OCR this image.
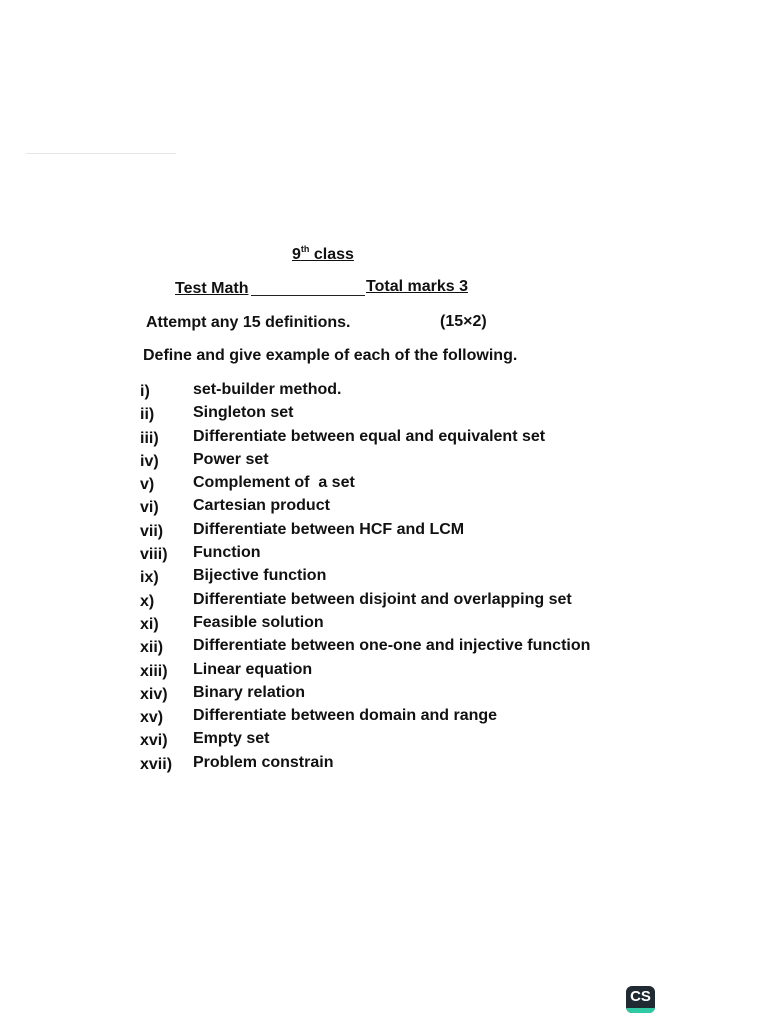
9th class
Test Math	Total marks 3
Attempt any 15 definitions.	(15×2)
Define and give example of each of the following.
i)	set-builder method.
ii) Singleton set
iii) Differentiate between equal and equivalent set
iv) Power set
v) Complement of  a set
vi) Cartesian product
vii) Differentiate between HCF and LCM
viii) Function
ix) Bijective function
x) Differentiate between disjoint and overlapping set
xi) Feasible solution
xii) Differentiate between one-one and injective function
xiii) Linear equation
xiv) Binary relation
xv) Differentiate between domain and range
xvi) Empty set
xvii) Problem constrain
CS
